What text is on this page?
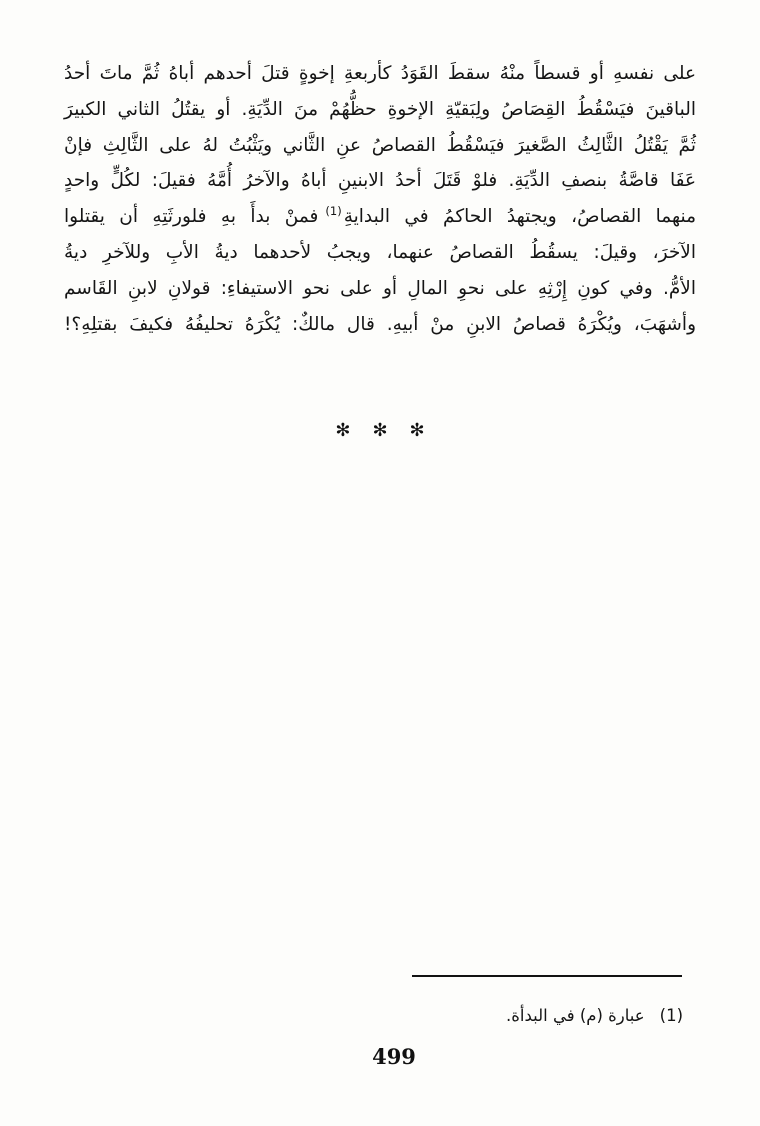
على نفسهِ أو قسطاً منْهُ سقطَ القَوَدُ كأربعةِ إخوةٍ قتلَ أحدهم أباهُ ثُمَّ ماتَ أحدُ
الباقينَ فيَسْقُطُ القِصَاصُ ولِبَقيّةِ الإخوةِ حظُّهُمْ منَ الدِّيَةِ. أو يقتُلُ الثاني الكبيرَ
ثُمَّ يَقْتُلُ الثَّالِثُ الصَّغيرَ فيَسْقُطُ القصاصُ عنِ الثَّاني ويَثْبُتُ لهُ على الثَّالِثِ فإنْ
عَفَا قاصَّةُ بنصفِ الدِّيَةِ. فلوْ قَتَلَ أحدُ الابنينِ أباهُ والآخرُ أُمَّهُ فقيلَ: لكُلٍّ واحدٍ
منهما القصاصُ، ويجتهدُ الحاكمُ في البدايةِ$^{(1)}$فمنْ بدأَ بهِ فلورثَتِهِ أن يقتلوا
الآخرَ، وقيلَ: يسقُطُ القصاصُ عنهما، ويجبُ لأحدهما ديةُ الأبِ وللآخرِ ديةُ
الأمُّ. وفي كونِ إِرْثِهِ على نحوِ المالِ أو على نحو الاستيفاءِ: قولانِ لابنِ القَاسم
وأشهَبَ، ويُكْرَهُ قصاصُ الابنِ منْ أبيهِ. قال مالكٌ: يُكْرَهُ تحليفُهُ فكيفَ بقتلِهِ؟!
✻ ✻ ✻
(1)عبارة (م) في البدأة.
499
